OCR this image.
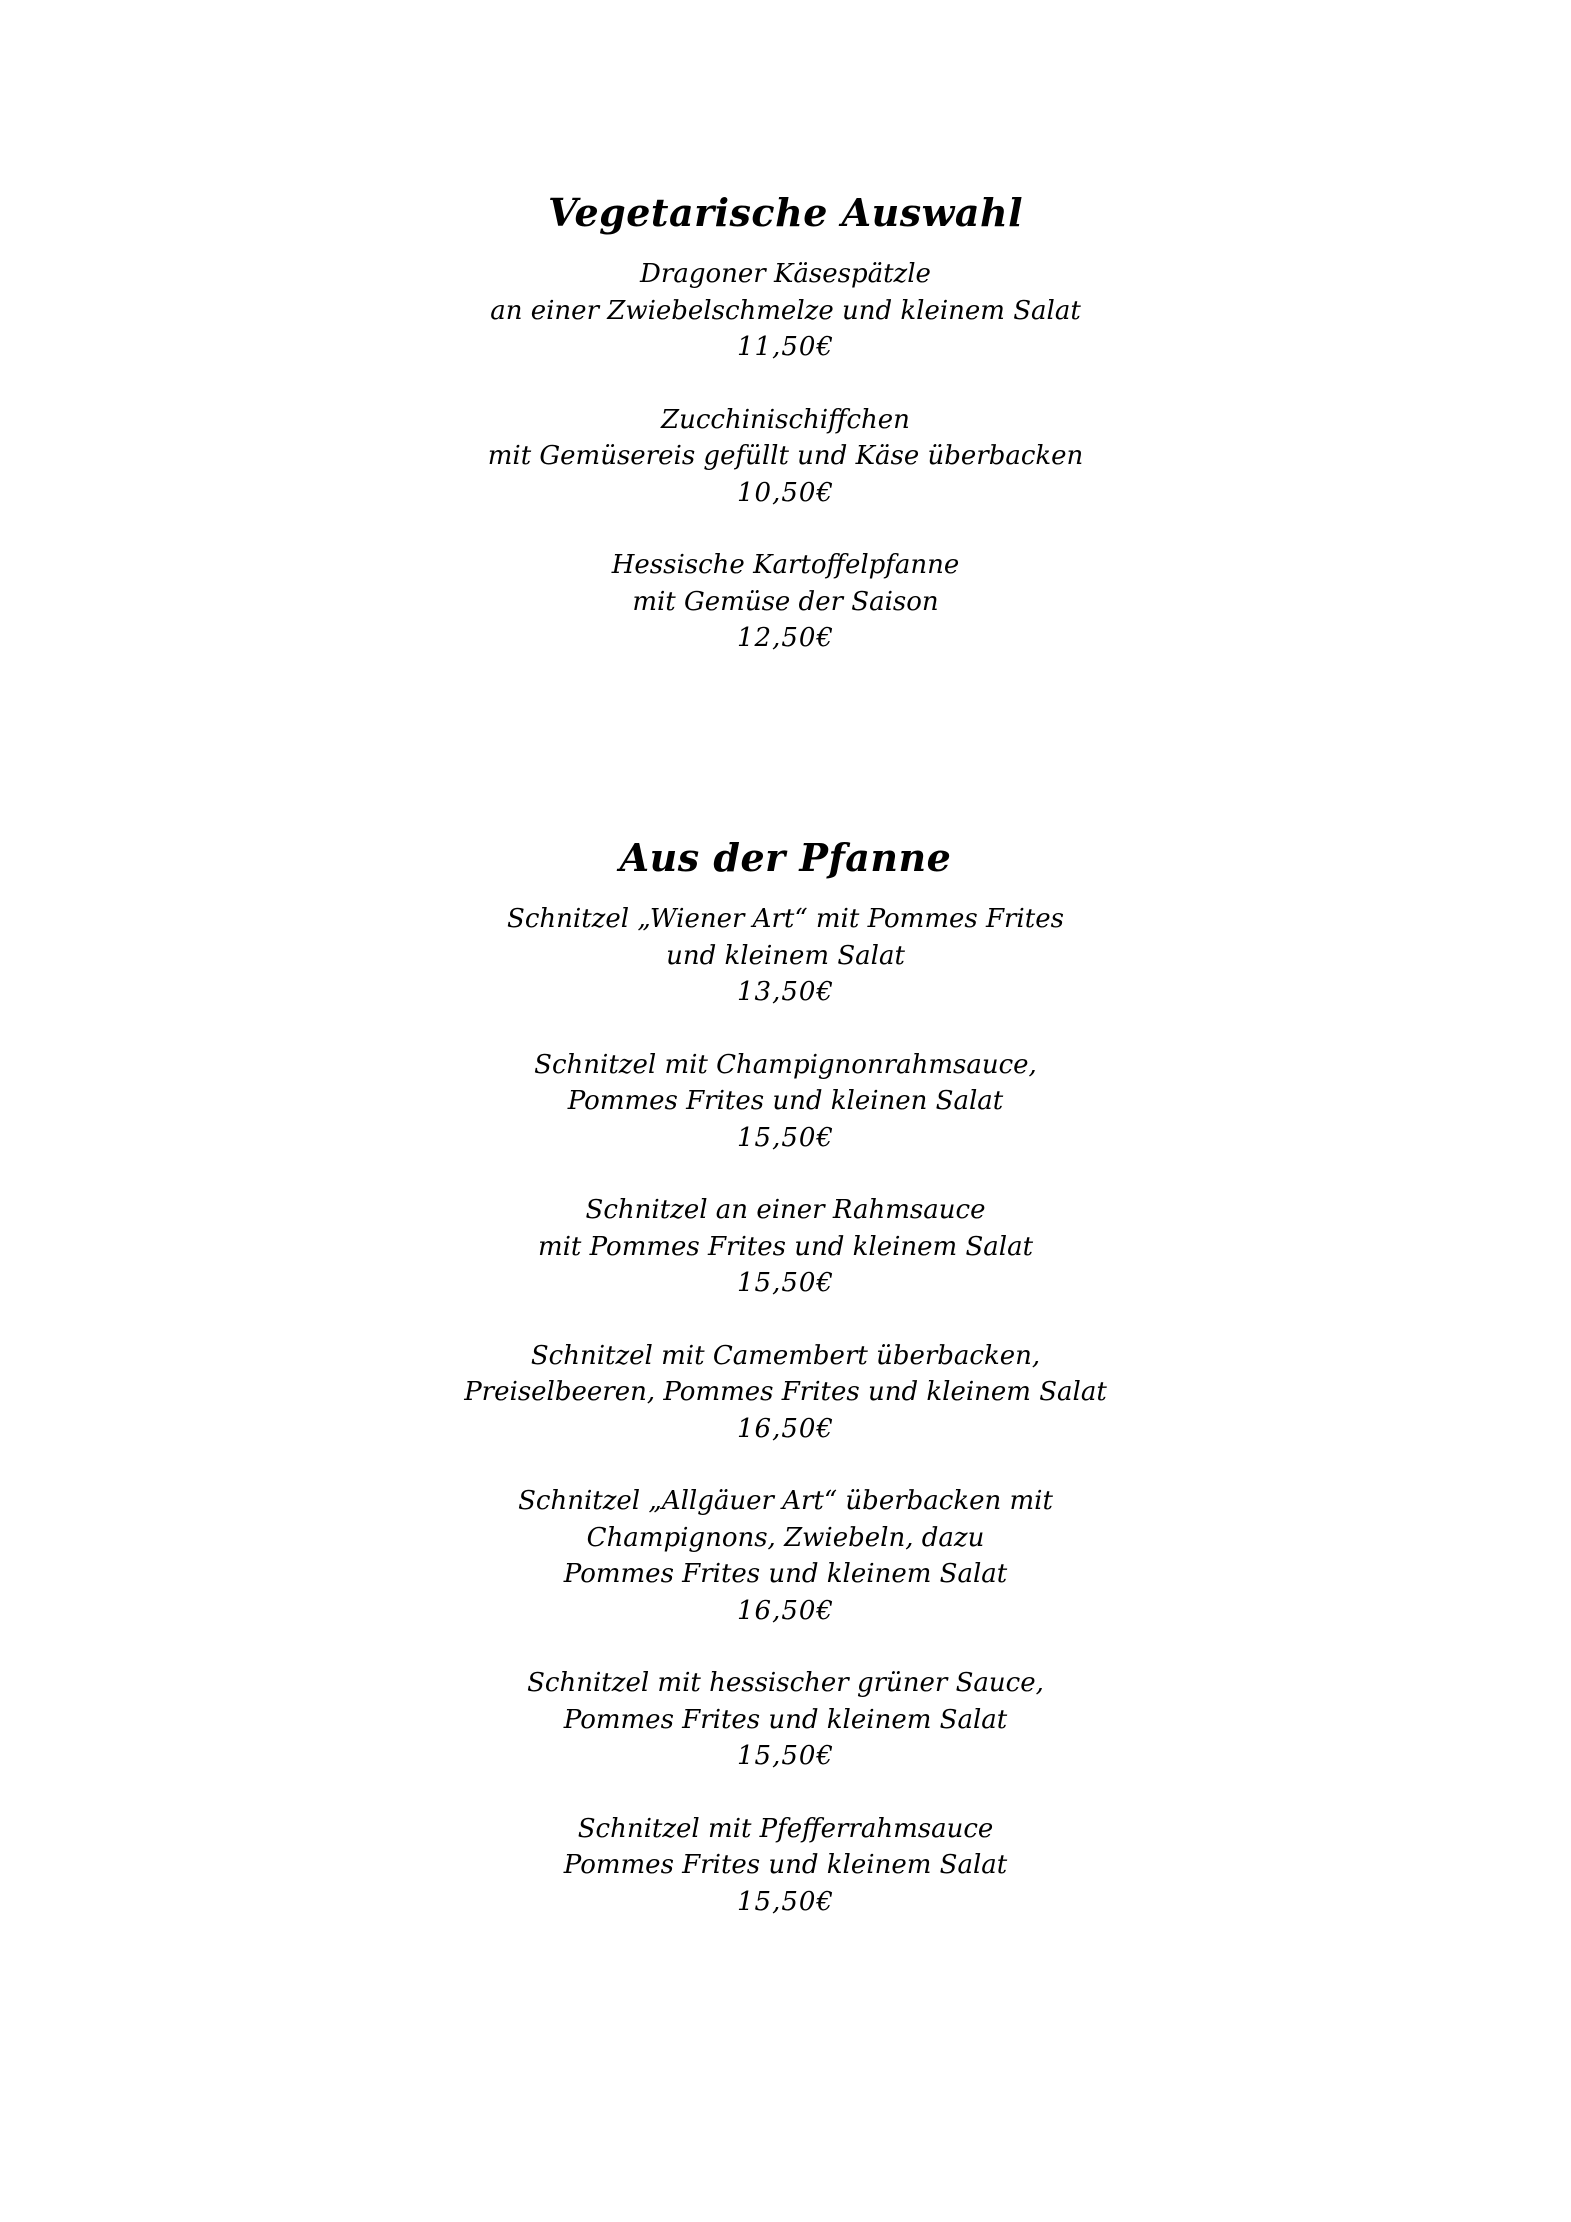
Vegetarische Auswahl
Dragoner Käsespätzle
an einer Zwiebelschmelze und kleinem Salat
11,50€
Zucchinischiffchen
mit Gemüsereis gefüllt und Käse überbacken
10,50€
Hessische Kartoffelpfanne
mit Gemüse der Saison
12,50€
Aus der Pfanne
Schnitzel „Wiener Art“ mit Pommes Frites
und kleinem Salat
13,50€
Schnitzel mit Champignonrahmsauce,
Pommes Frites und kleinen Salat
15,50€
Schnitzel an einer Rahmsauce
mit Pommes Frites und kleinem Salat
15,50€
Schnitzel mit Camembert überbacken,
Preiselbeeren, Pommes Frites und kleinem Salat
16,50€
Schnitzel „Allgäuer Art“ überbacken mit
Champignons, Zwiebeln, dazu
Pommes Frites und kleinem Salat
16,50€
Schnitzel mit hessischer grüner Sauce,
Pommes Frites und kleinem Salat
15,50€
Schnitzel mit Pfefferrahmsauce
Pommes Frites und kleinem Salat
15,50€
